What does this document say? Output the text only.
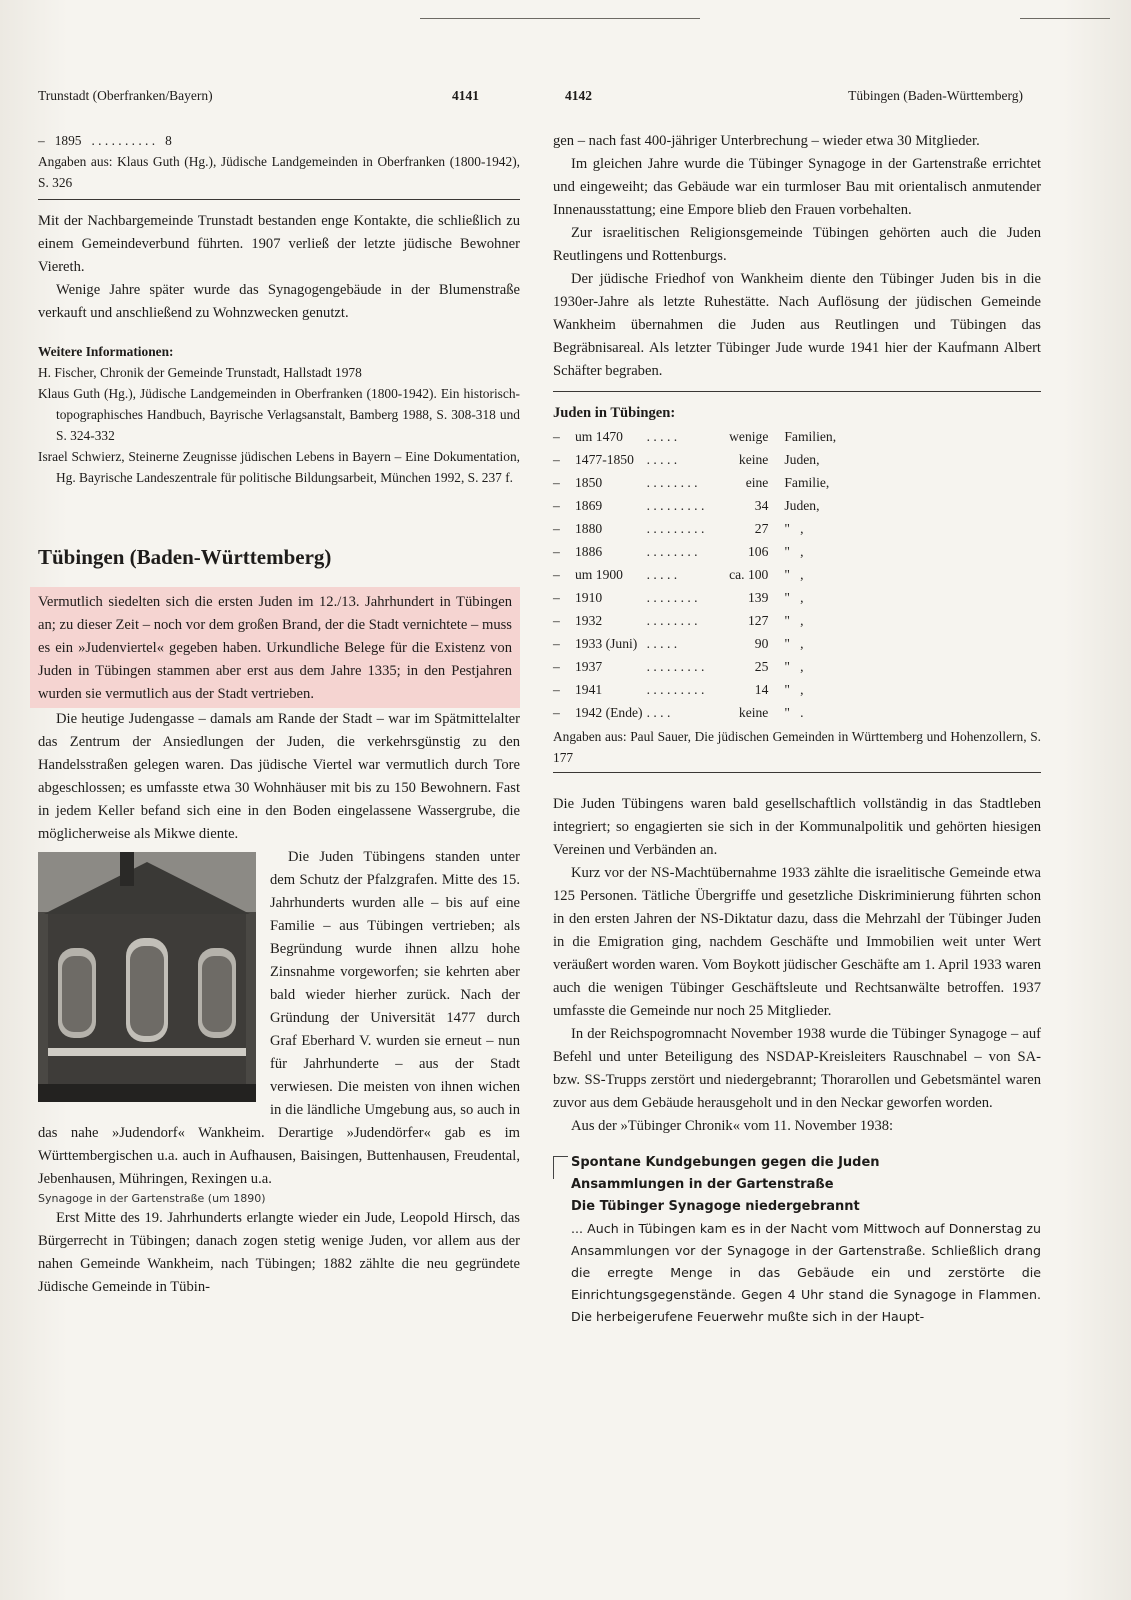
Trunstadt (Oberfranken/Bayern)	4141	4142	Tübingen (Baden-Württemberg)
– 1895 . . . . . . . . . . 8

Angaben aus: Klaus Guth (Hg.), Jüdische Landgemeinden in Oberfranken (1800-1942), S. 326

Mit der Nachbargemeinde Trunstadt bestanden enge Kontakte, die schließlich zu einem Gemeindeverbund führten. 1907 verließ der letzte jüdische Bewohner Viereth.

Wenige Jahre später wurde das Synagogengebäude in der Blumenstraße verkauft und anschließend zu Wohnzwecken genutzt.

Weitere Informationen:

H. Fischer, Chronik der Gemeinde Trunstadt, Hallstadt 1978

Klaus Guth (Hg.), Jüdische Landgemeinden in Oberfranken (1800-1942). Ein historisch-topographisches Handbuch, Bayrische Verlagsanstalt, Bamberg 1988, S. 308-318 und S. 324-332

Israel Schwierz, Steinerne Zeugnisse jüdischen Lebens in Bayern – Eine Dokumentation, Hg. Bayrische Landeszentrale für politische Bildungsarbeit, München 1992, S. 237 f.

Tübingen (Baden-Württemberg)

Vermutlich siedelten sich die ersten Juden im 12./13. Jahrhundert in Tübingen an; zu dieser Zeit – noch vor dem großen Brand, der die Stadt vernichtete – muss es ein »Judenviertel« gegeben haben. Urkundliche Belege für die Existenz von Juden in Tübingen stammen aber erst aus dem Jahre 1335; in den Pestjahren wurden sie vermutlich aus der Stadt vertrieben.

Die heutige Judengasse – damals am Rande der Stadt – war im Spätmittelalter das Zentrum der Ansiedlungen der Juden, die verkehrsgünstig zu den Handelsstraßen gelegen waren. Das jüdische Viertel war vermutlich durch Tore abgeschlossen; es umfasste etwa 30 Wohnhäuser mit bis zu 150 Bewohnern. Fast in jedem Keller befand sich eine in den Boden eingelassene Wassergrube, die möglicherweise als Mikwe diente.

Die Juden Tübingens standen unter dem Schutz der Pfalzgrafen. Mitte des 15. Jahrhunderts wurden alle – bis auf eine Familie – aus Tübingen vertrieben; als Begründung wurde ihnen allzu hohe Zinsnahme vorgeworfen; sie kehrten aber bald wieder hierher zurück. Nach der Gründung der Universität 1477 durch Graf Eberhard V. wurden sie erneut – nun für Jahrhunderte – aus der Stadt verwiesen. Die meisten von ihnen wichen in die ländliche Umgebung aus, so auch in das nahe »Judendorf« Wankheim. Derartige »Judendörfer« gab es im Württembergischen u.a. auch in Aufhausen, Baisingen, Buttenhausen, Freudental, Jebenhausen, Mühringen, Rexingen u.a.

Synagoge in der Gartenstraße (um 1890)

Erst Mitte des 19. Jahrhunderts erlangte wieder ein Jude, Leopold Hirsch, das Bürgerrecht in Tübingen; danach zogen stetig wenige Juden, vor allem aus der nahen Gemeinde Wankheim, nach Tübingen; 1882 zählte die neu gegründete Jüdische Gemeinde in Tübin-

gen – nach fast 400-jähriger Unterbrechung – wieder etwa 30 Mitglieder.

Im gleichen Jahre wurde die Tübinger Synagoge in der Gartenstraße errichtet und eingeweiht; das Gebäude war ein turmloser Bau mit orientalisch anmutender Innenausstattung; eine Empore blieb den Frauen vorbehalten.

Zur israelitischen Religionsgemeinde Tübingen gehörten auch die Juden Reutlingens und Rottenburgs.

Der jüdische Friedhof von Wankheim diente den Tübinger Juden bis in die 1930er-Jahre als letzte Ruhestätte. Nach Auflösung der jüdischen Gemeinde Wankheim übernahmen die Juden aus Reutlingen und Tübingen das Begräbnisareal. Als letzter Tübinger Jude wurde 1941 hier der Kaufmann Albert Schäfter begraben.

Juden in Tübingen:

–	um 1470	. . . . .	wenige	Familien,
–	1477-1850	. . . . .	keine	Juden,
–	1850	. . . . . . . .	eine	Familie,
–	1869	. . . . . . . . .	34	Juden,
–	1880	. . . . . . . . .	27	"   ,
–	1886	. . . . . . . .	106	"   ,
–	um 1900	. . . . .	ca. 100	"   ,
–	1910	. . . . . . . .	139	"   ,
–	1932	. . . . . . . .	127	"   ,
–	1933 (Juni)	. . . . .	90	"   ,
–	1937	. . . . . . . . .	25	"   ,
–	1941	. . . . . . . . .	14	"   ,
–	1942 (Ende)	. . . .	keine	"   .

Angaben aus: Paul Sauer, Die jüdischen Gemeinden in Württemberg und Hohenzollern, S. 177

Die Juden Tübingens waren bald gesellschaftlich vollständig in das Stadtleben integriert; so engagierten sie sich in der Kommunalpolitik und gehörten hiesigen Vereinen und Verbänden an.

Kurz vor der NS-Machtübernahme 1933 zählte die israelitische Gemeinde etwa 125 Personen. Tätliche Übergriffe und gesetzliche Diskriminierung führten schon in den ersten Jahren der NS-Diktatur dazu, dass die Mehrzahl der Tübinger Juden in die Emigration ging, nachdem Geschäfte und Immobilien weit unter Wert veräußert worden waren. Vom Boykott jüdischer Geschäfte am 1. April 1933 waren auch die wenigen Tübinger Geschäftsleute und Rechtsanwälte betroffen. 1937 umfasste die Gemeinde nur noch 25 Mitglieder.

In der Reichspogromnacht November 1938 wurde die Tübinger Synagoge – auf Befehl und unter Beteiligung des NSDAP-Kreisleiters Rauschnabel – von SA- bzw. SS-Trupps zerstört und niedergebrannt; Thorarollen und Gebetsmäntel waren zuvor aus dem Gebäude herausgeholt und in den Neckar geworfen worden.

Aus der »Tübinger Chronik« vom 11. November 1938:

Spontane Kundgebungen gegen die Juden
Ansammlungen in der Gartenstraße
Die Tübinger Synagoge niedergebrannt

... Auch in Tübingen kam es in der Nacht vom Mittwoch auf Donnerstag zu Ansammlungen vor der Synagoge in der Gartenstraße. Schließlich drang die erregte Menge in das Gebäude ein und zerstörte die Einrichtungsgegenstände. Gegen 4 Uhr stand die Synagoge in Flammen. Die herbeigerufene Feuerwehr mußte sich in der Haupt-
